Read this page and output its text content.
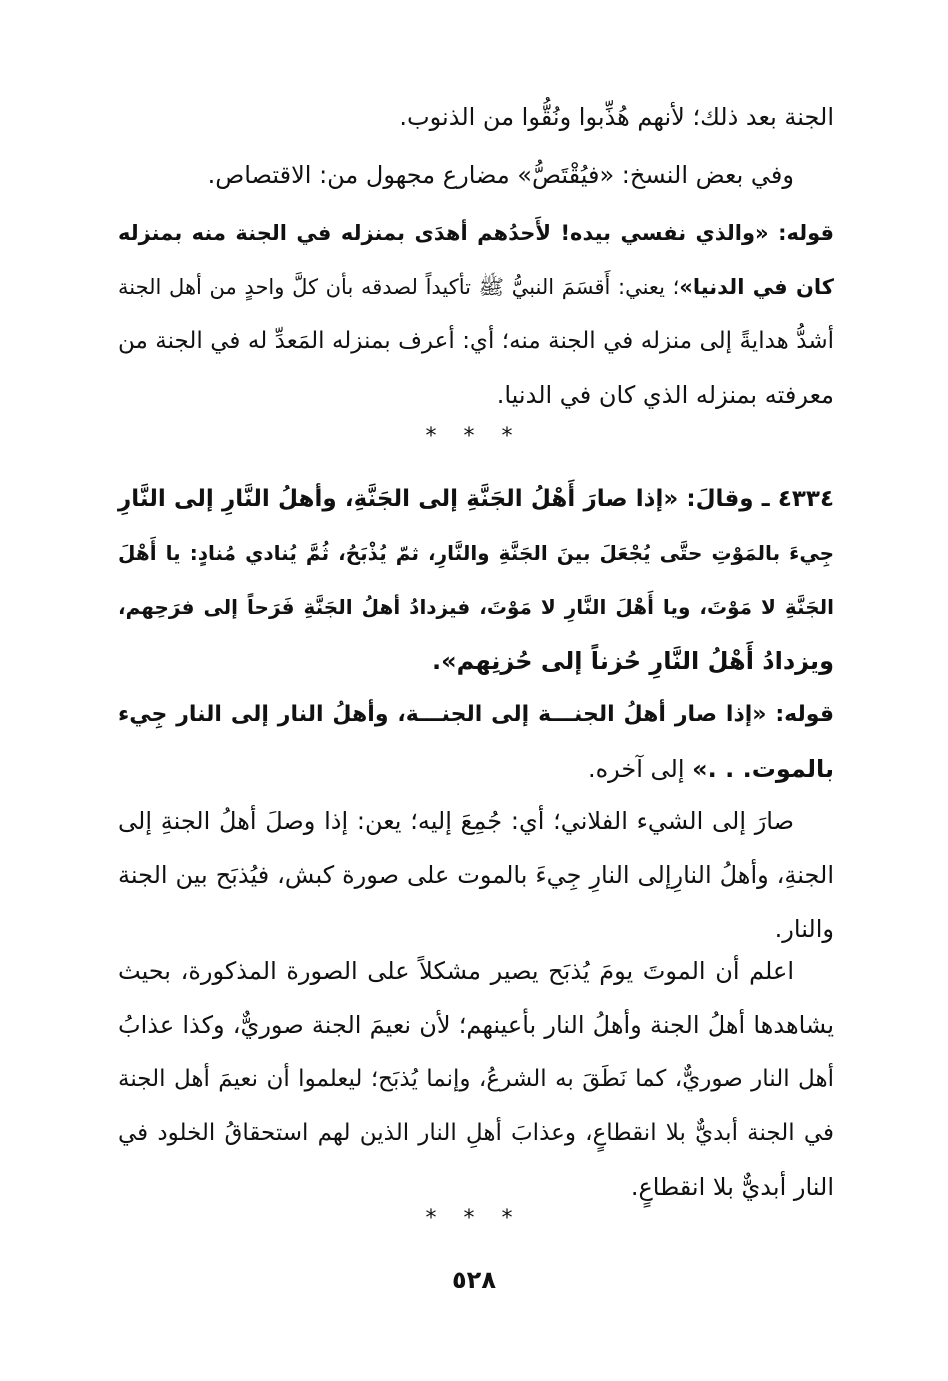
الجنة بعد ذلك؛ لأنهم هُذِّبوا ونُقُّوا من الذنوب.
وفي بعض النسخ: «فيُقْتَصُّ» مضارع مجهول من: الاقتصاص.
قوله: «والذي نفسي بيده! لأَحدُهم أهدَى بمنزله في الجنة منه بمنزله
كان في الدنيا»؛ يعني: أَقسَمَ النبيُّ ﷺ تأكيداً لصدقه بأن كلَّ واحدٍ من أهل الجنة
أشدُّ هدايةً إلى منزله في الجنة منه؛ أي: أعرف بمنزله المَعدِّ له في الجنة من
معرفته بمنزله الذي كان في الدنيا.
* * *
٤٣٣٤ ـ وقالَ: «إذا صارَ أَهْلُ الجَنَّةِ إلى الجَنَّةِ، وأهلُ النَّارِ إلى النَّارِ
جِيءَ بالمَوْتِ حتَّى يُجْعَلَ بينَ الجَنَّةِ والنَّارِ، ثمّ يُذْبَحُ، ثُمَّ يُنادي مُنادٍ: يا أَهْلَ
الجَنَّةِ لا مَوْتَ، ويا أَهْلَ النَّارِ لا مَوْتَ، فيزدادُ أهلُ الجَنَّةِ فَرَحاً إلى فرَحِهم،
ويزدادُ أَهْلُ النَّارِ حُزناً إلى حُزنِهم».
قوله: «إذا صار أهلُ الجنـــة إلى الجنـــة، وأهلُ النار إلى النار جِيء
بالموت. . .» إلى آخره.
صارَ إلى الشيء الفلاني؛ أي: جُمِعَ إليه؛ يعن: إذا وصلَ أهلُ الجنةِ إلى
الجنةِ، وأهلُ النارِإلى النارِ جِيءَ بالموت على صورة كبش، فيُذبَح بين الجنة
والنار.
اعلم أن الموتَ يومَ يُذبَح يصير مشكلاً على الصورة المذكورة، بحيث
يشاهدها أهلُ الجنة وأهلُ النار بأعينهم؛ لأن نعيمَ الجنة صوريٌّ، وكذا عذابُ
أهل النار صوريٌّ، كما نَطَقَ به الشرعُ، وإنما يُذبَح؛ ليعلموا أن نعيمَ أهل الجنة
في الجنة أبديٌّ بلا انقطاعٍ، وعذابَ أهلِ النار الذين لهم استحقاقُ الخلود في
النار أبديٌّ بلا انقطاعٍ.
* * *
٥٢٨
